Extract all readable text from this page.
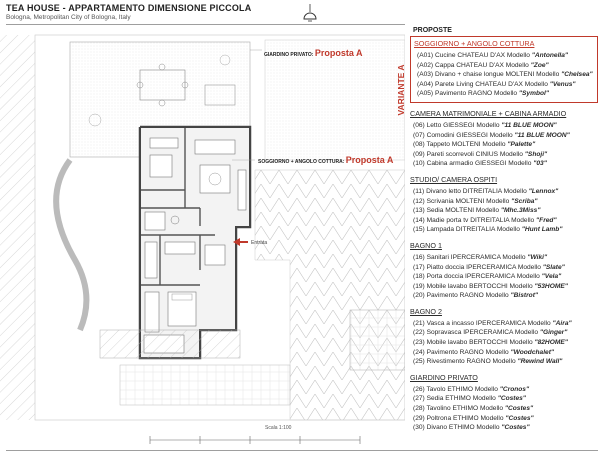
TEA HOUSE - APPARTAMENTO DIMENSIONE PICCOLA
Bologna, Metropolitan City of Bologna, Italy
GIARDINO PRIVATO: Proposta A
SOGGIORNO + ANGOLO COTTURA: Proposta A
Entrata
Scala 1:100
PROPOSTE
VARIANTE A
SOGGIORNO + ANGOLO COTTURA
(A01) Cucine CHATEAU D'AX Modello "Antonella"
(A02) Cappa CHATEAU D'AX Modello "Zoe"
(A03) Divano + chaise longue MOLTENI Modello "Chelsea"
(A04) Parete Living CHATEAU D'AX Modello "Venus"
(A05) Pavimento RAGNO Modello "Symbol"
CAMERA MATRIMONIALE + CABINA ARMADIO
(06) Letto GIESSEGI Modello "11 BLUE MOON"
(07) Comodini GIESSEGI Modello "11 BLUE MOON"
(08) Tappeto MOLTENI Modello "Palette"
(09) Pareti scorrevoli CINIUS Modello "Shoji"
(10) Cabina armadio GIESSEGI Modello "03"
STUDIO/ CAMERA OSPITI
(11) Divano letto DITREITALIA Modello "Lennox"
(12) Scrivania MOLTENI Modello "Scriba"
(13) Sedia MOLTENI Modello "Mhc.3Miss"
(14) Madie porta tv DITREITALIA Modello "Fred"
(15) Lampada DITREITALIA Modello "Hunt Lamb"
BAGNO 1
(16) Sanitari IPERCERAMICA Modello "Wiki"
(17) Piatto doccia IPERCERAMICA Modello "Slate"
(18) Porta doccia IPERCERAMICA Modello "Vela"
(19) Mobile lavabo BERTOCCHI Modello "53HOME"
(20) Pavimento RAGNO Modello "Bistrot"
BAGNO 2
(21) Vasca a incasso IPERCERAMICA Modello "Aira"
(22) Sopravasca IPERCERAMICA Modello "Ginger"
(23) Mobile lavabo BERTOCCHI Modello "82HOME"
(24) Pavimento RAGNO Modello "Woodchalet"
(25) Rivestimento RAGNO Modello "Rewind Wall"
GIARDINO PRIVATO
(26) Tavolo ETHIMO Modello "Cronos"
(27) Sedia ETHIMO Modello "Costes"
(28) Tavolino ETHIMO Modello "Costes"
(29) Poltrona ETHIMO Modello "Costes"
(30) Divano ETHIMO Modello "Costes"
